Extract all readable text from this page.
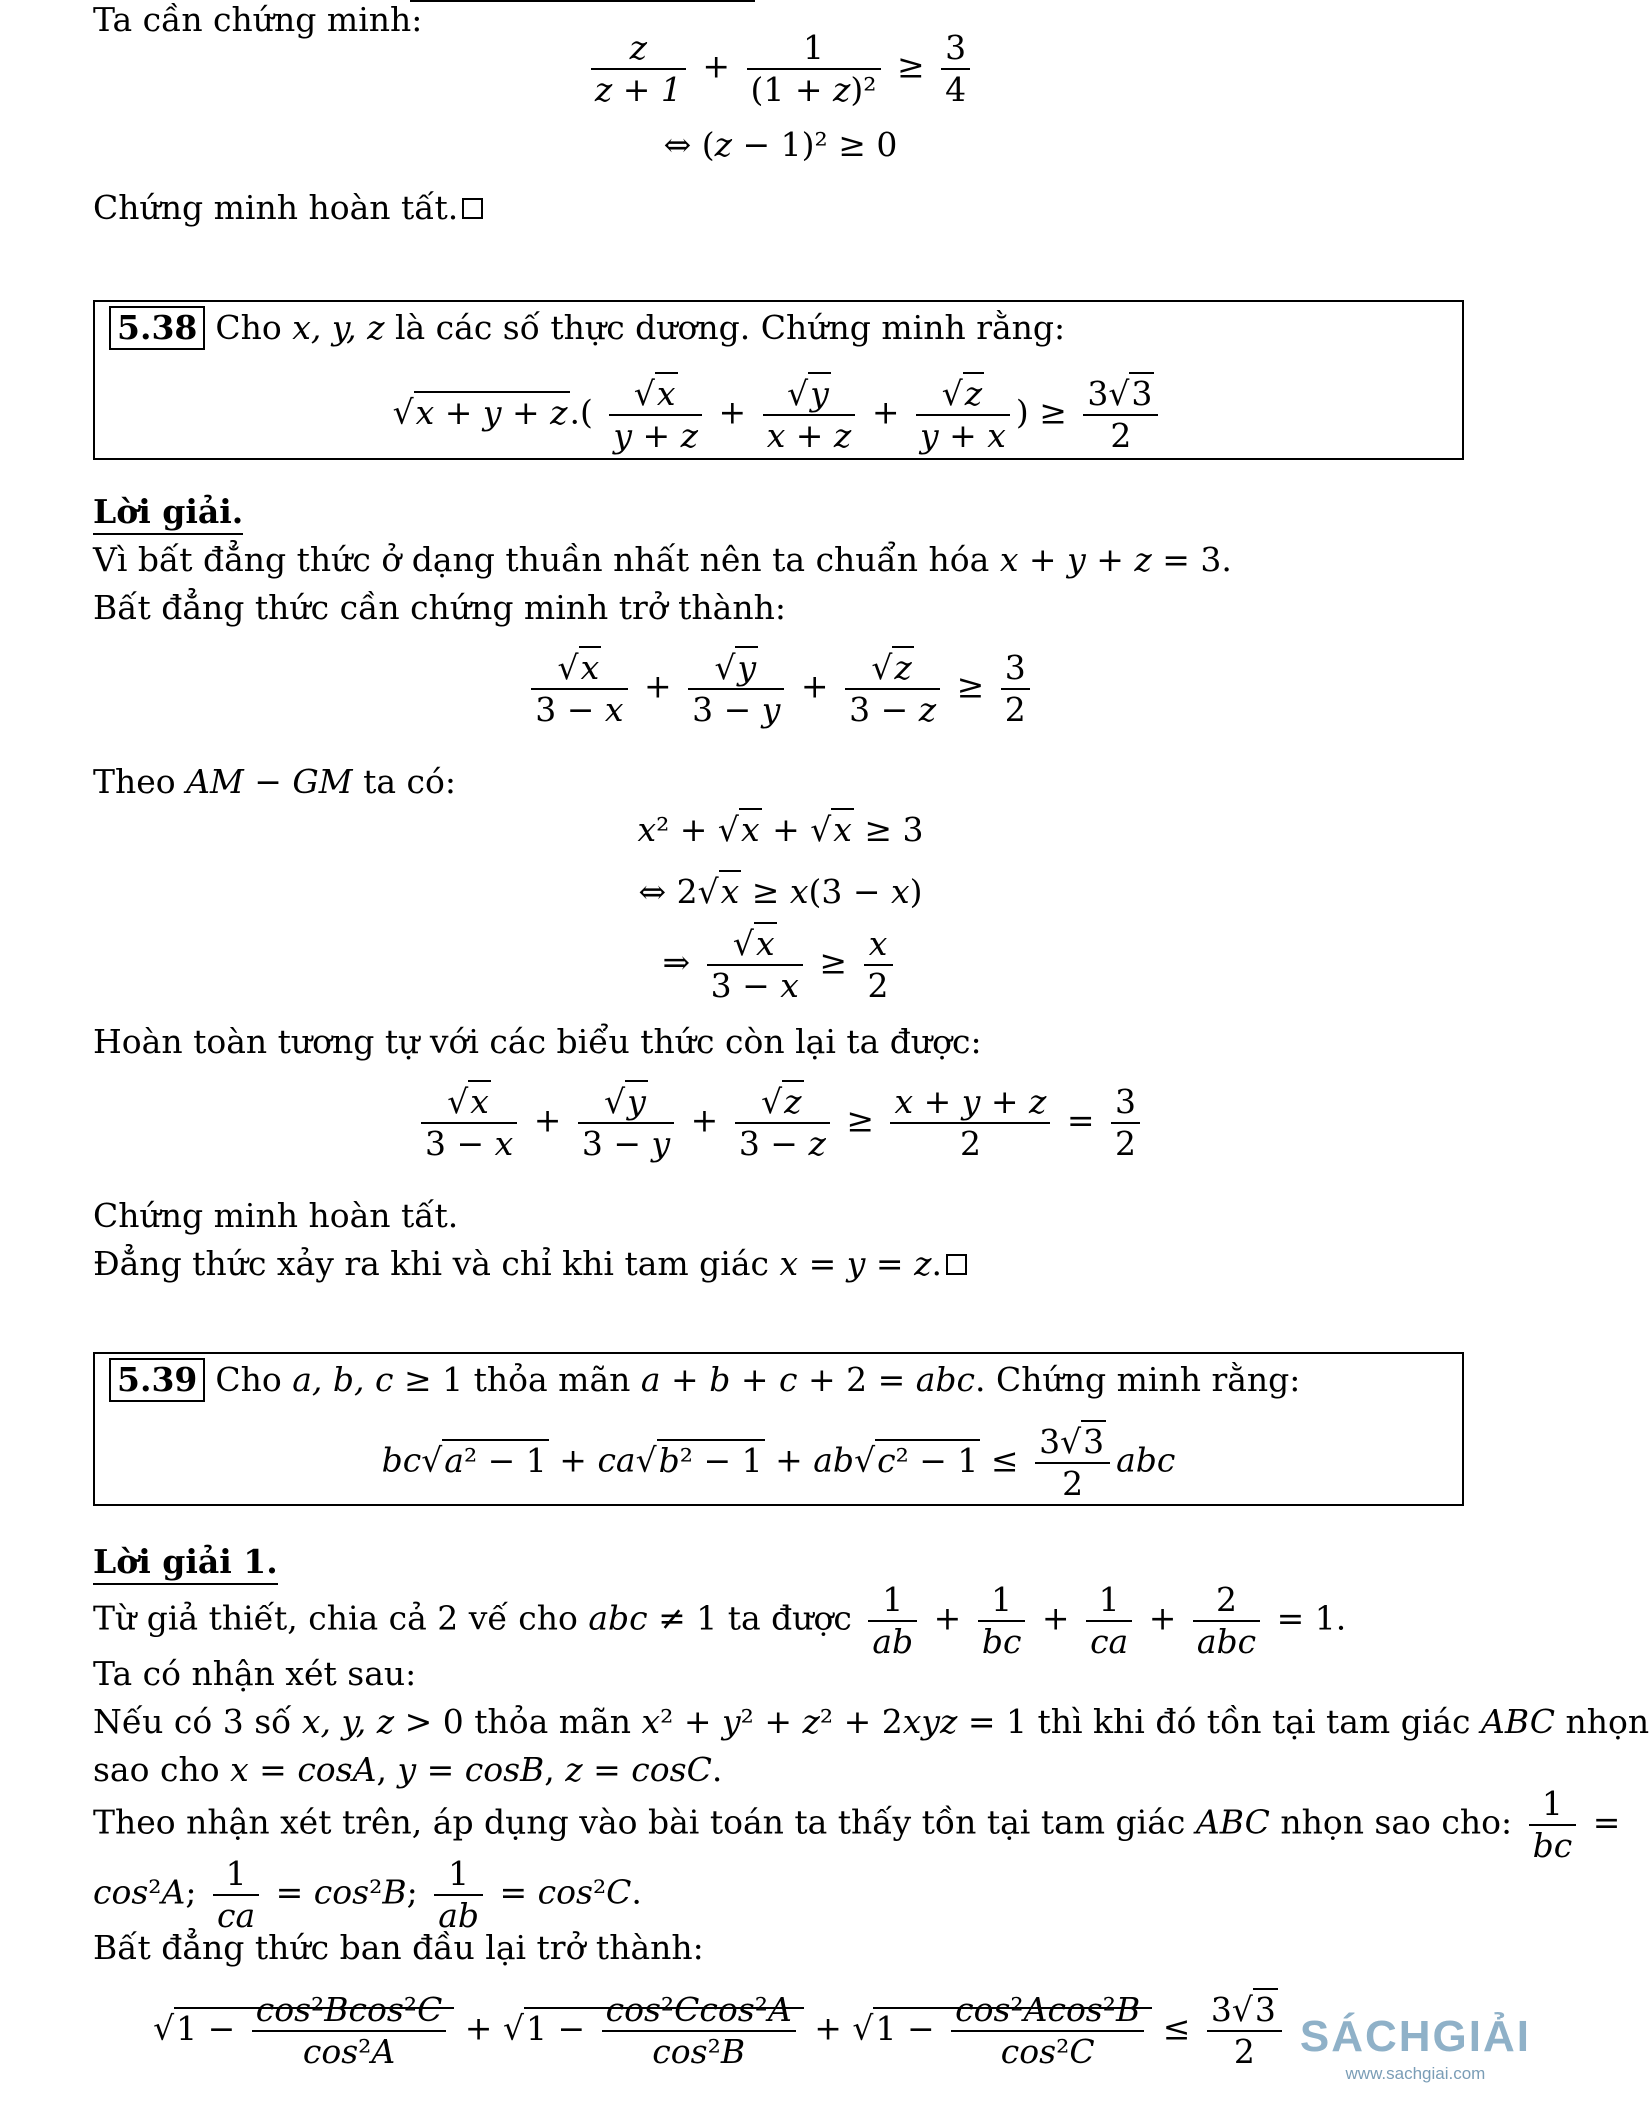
Ta cần chứng minh:
$\frac{z}{z + 1} + \frac{1}{\text{(1 + z)²}} \ge \frac{3}{4}$
⇔ (z − 1)² ≥ 0
Chứng minh hoàn tất.
5.38 Cho x, y, z là các số thực dương. Chứng minh rằng:
$√x + y + z.( \frac{√x}{y + z} + \frac{√y}{x + z} + \frac{√z}{y + x}$ ) ≥ $\frac{3√3}{2}$
Lời giải.
Vì bất đẳng thức ở dạng thuần nhất nên ta chuẩn hóa x + y + z = 3.
Bất đẳng thức cần chứng minh trở thành:
$\frac{√x}{3 - x} + \frac{√y}{3 - y} + \frac{√z}{3 - z} \ge \frac{3}{2}$
Theo AM − GM ta có:
x² + √x + √x ≥ 3
⇔ 2√x ≥ x(3 − x)
⇒ $\frac{√x}{3 - x} \ge \frac{x}{2}$
Hoàn toàn tương tự với các biểu thức còn lại ta được:
$\frac{√x}{3 - x} + \frac{√y}{3 - y} + \frac{√z}{3 - z} \ge \frac{x + y + z}{2} = \frac{3}{2}$
Chứng minh hoàn tất.
Đẳng thức xảy ra khi và chỉ khi tam giác x = y = z.
5.39 Cho a, b, c ≥ 1 thỏa mãn a + b + c + 2 = abc. Chứng minh rằng:
$bc√a^2 - 1 + ca√b^2 - 1 + ab√c^2 - 1 \le \frac{3√3}{2}$ abc
Lời giải 1.
Từ giả thiết, chia cả 2 vế cho abc ≠ 1 ta được $\frac{1}{ab} + \frac{1}{bc} + \frac{1}{ca} + \frac{2}{\text{abc}} = 1$.
Ta có nhận xét sau:
Nếu có 3 số x, y, z > 0 thỏa mãn x² + y² + z² + 2xyz = 1 thì khi đó tồn tại tam giác ABC nhọn
sao cho x = cosA, y = cosB, z = cosC.
Theo nhận xét trên, áp dụng vào bài toán ta thấy tồn tại tam giác ABC nhọn sao cho: $\frac{1}{bc}$ =
cos²A; $\frac{1}{ca} = \cos^2B$; $\frac{1}{ab} = \cos^2C$.
Bất đẳng thức ban đầu lại trở thành:
$√1 - \frac{\text{cos²Bcos²C}}{\text{cos²A}} + √1 - \frac{\text{cos²Ccos²A}}{\text{cos²B}} + √1 - \frac{\text{cos²Acos²B}}{\text{cos²C}} \le \frac{3√3}{2}$ SÁCHGIẢI
www.sachgiai.com
